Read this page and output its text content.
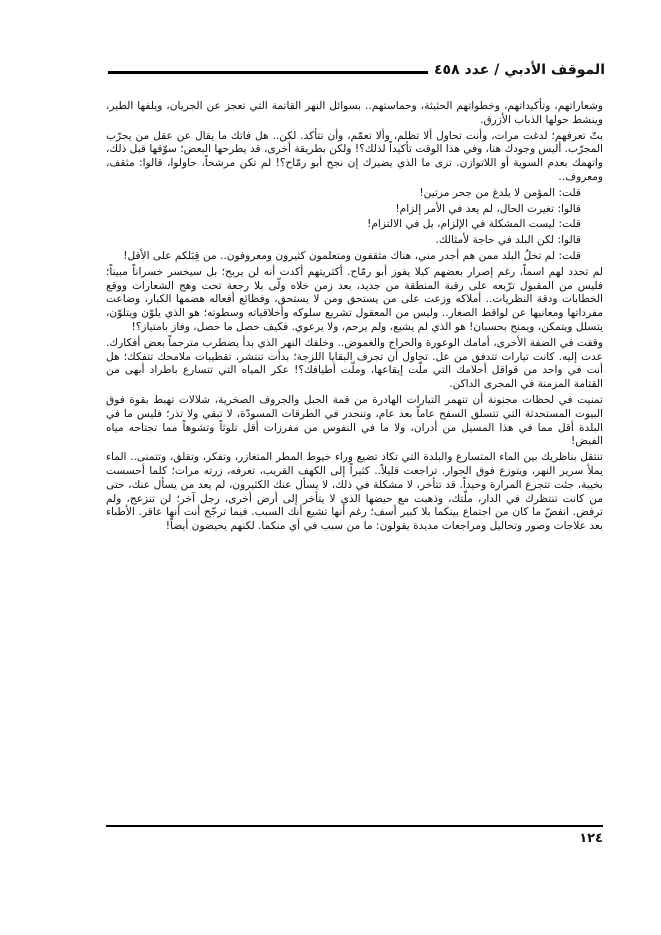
الموقف الأدبي / عدد ٤٥٨

وشعاراتهم، وتأكيداتهم، وخطواتهم الحثيثة، وحماستهم.. بسوائل النهر القاتمة التي تعجز عن الجريان، ويلفها الطير، وينشط حولها الذباب الأزرق.

بتّ تعرفهم؛ لدغت مرات، وأنت تحاول ألا تظلم، وألا تعمّم، وأن تتأكد. لكن.. هل فاتك ما يقال عن عقل من يجرّب المجرّب. أليس وجودك هنا، وفي هذا الوقت تأكيداً لذلك؟! ولكن بطريقة أخرى، قد يطرحها البعض؛ سوّقها قبل ذلك، واتهمك بعدم السوية أو اللاتوازن. ترى ما الذي يضيرك إن نجح أبو رمّاح؟! لم تكن مرشحاً، حاولوا، قالوا: مثقف، ومعروف..

قلت: المؤمن لا يلدغ من جحر مرتين!

قالوا: تغيرت الحال، لم يعد في الأمر إلزام!

قلت: ليست المشكلة في الإلزام، بل في الالتزام!

قالوا: لكن البلد في حاجة لأمثالك.

قلت: لم تخلُ البلد ممن هم أجدر مني، هناك مثقفون ومتعلمون كثيرون ومعروفون.. من قِبَلكم على الأقل!

لم تحدد لهم اسماً، رغم إصرار بعضهم كيلا يفوز أبو رمّاح. أكثريتهم أكدت أنه لن يربح؛ بل سيخسر خسراناً مبيناً؛ فليس من المقبول ترّبعه على رقبة المنطقة من جديد، بعد زمن خلاه ولّى بلا رجعة تحت وهج الشعارات ووقع الخطابات ودقة النظريات.. أملاكه وزعت على من يستحق ومن لا يستحق، وفظائع أفعاله هضمها الكبار، وضاعت مفرداتها ومعانيها عن لواقط الصغار.. وليس من المعقول تشريع سلوكه وأخلاقياته وسطوته؛ هو الذي يلوّن ويتلوّن، يتسلل ويتمكن، ويمنح بحسبان! هو الذي لم يشبع، ولم يرحم، ولا يرعوي. فكيف حصل ما حصل، وفاز بامتياز؟!

وقفت في الضفة الأخرى، أمامك الوعورة والحراج والغموض.. وخلفك النهر الذي بدأ يضطرب مترجماً بعض أفكارك. عدت إليه. كانت تيارات تتدفق من عل. تحاول أن تجرف البقايا اللزجة؛ بدأت تنتشر، تقطيبات ملامحك تتفكك؛ هل أنت في واحد من قواقل أحلامك التي ملّت إيقاعها، وملّت أطيافك؟! عكر المياه التي تتسارع باطراد أبهى من القتامة المزمنة في المجرى الداكن.

تمنيت في لحظات مجنونة أن تنهمر التيارات الهادرة من قمة الجبل والجروف الصخرية، شلالات تهبط بقوة فوق البيوت المستحدثة التي تتسلق السفح عاماً بعد عام، وتنحدر في الطرقات المسودّة، لا تبقي ولا تذر؛ فليس ما في البلدة أقل مما في هذا المسيل من أدران، ولا ما في النفوس من مفرزات أقل تلوثاً وتشوهاً مما تجتاحه مياه الفيض!

تنتقل بناظريك بين الماء المتسارع والبلدة التي تكاد تضيع وراء خيوط المطر المتغازر، وتفكر، وتقلق، وتتمنى.. الماء يملأ سرير النهر، ويتوزع فوق الجوار. تراجعت قليلاً.. كثيراً إلى الكهف القريب، تعرفه، زرته مرات؛ كلما أحسست بخيبة، جئت تتجرع المرارة وحيداً. قد تتأخر، لا مشكلة في ذلك، لا يسأل عنك الكثيرون، لم يعد من يسأل عنك، حتى من كانت تنتظرك في الدار، ملّتك، وذهبت مع حيضها الذي لا يتأخر إلى أرض أخرى، رجل آخر؛ لن تنزعج، ولم ترفض. انفضّ ما كان من اجتماع بينكما بلا كبير أسف؛ رغم أنها تشيع أنك السبب. فيما ترجّح أنت أنها عاقر. الأطباء بعد علاجات وصور وتحاليل ومراجعات مديدة يقولون: ما من سبب في أي منكما. لكنهم يحيضون أيضاً!

١٢٤
